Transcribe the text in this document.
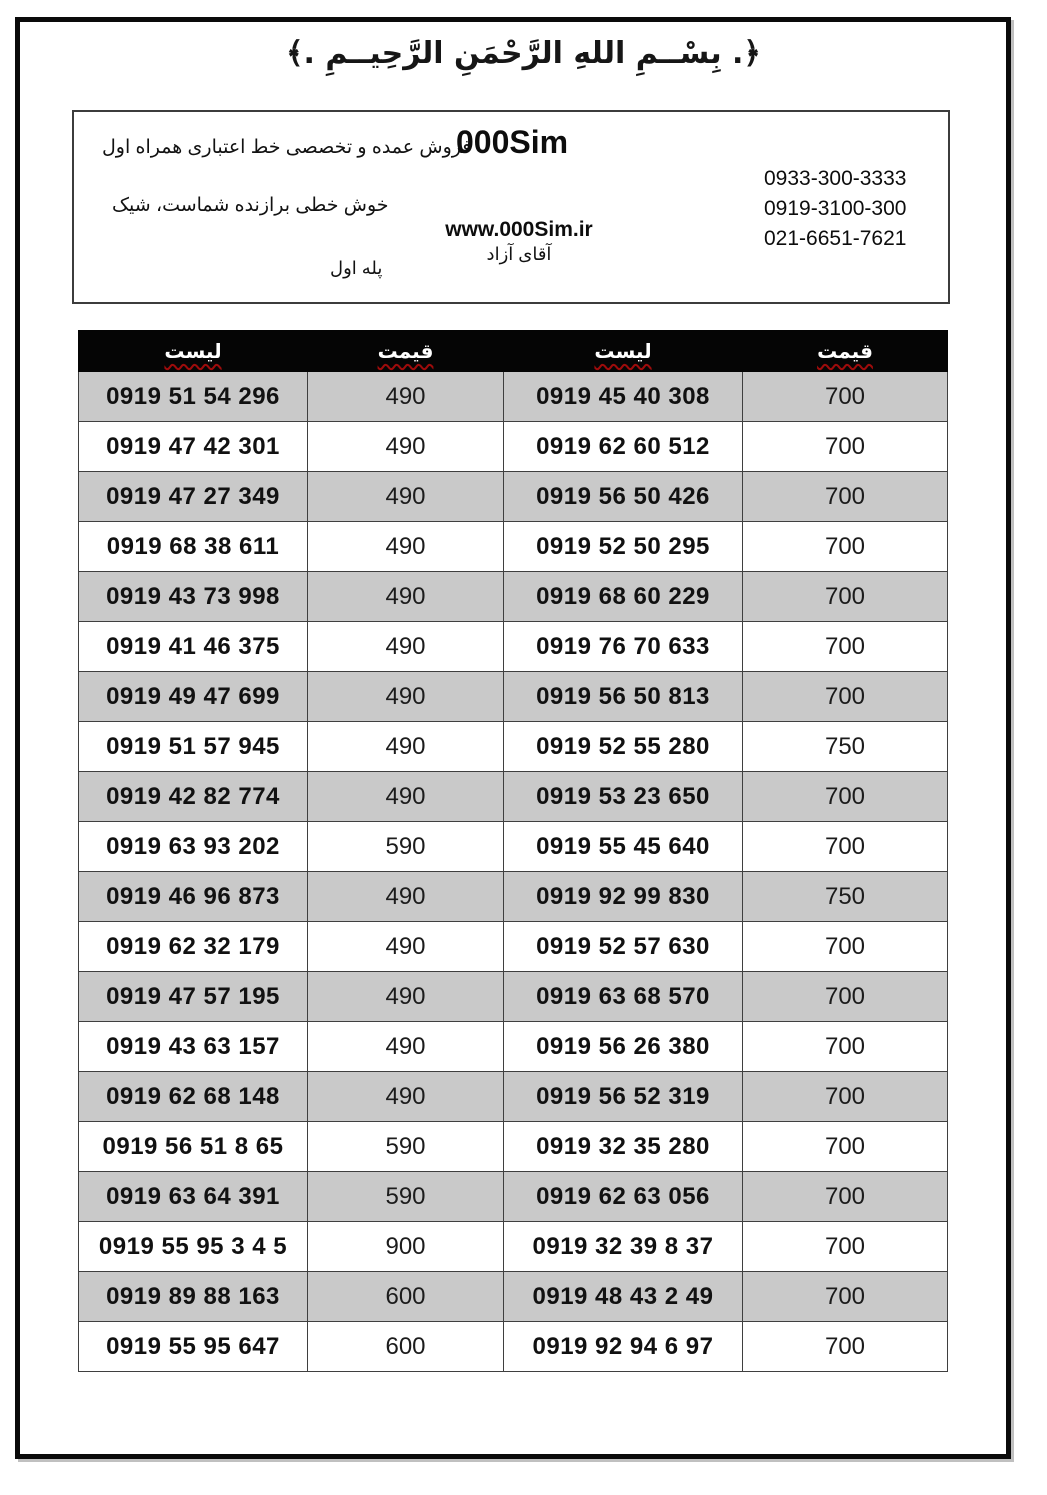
﴿. بِسْــمِ اللهِ الرَّحْمَنِ الرَّحِيــمِ .﴾
فروش عمده و تخصصی خط اعتباری همراه اول
000Sim
خوش خطی برازنده شماست، شیک
0933-300-3333
0919-3100-300
021-6651-7621
www.000Sim.ir
آقای آزاد
پله اول
لیست	قیمت	لیست	قیمت
0919 51 54 296	490	0919 45 40 308	700
0919 47 42 301	490	0919 62 60 512	700
0919 47 27 349	490	0919 56 50 426	700
0919 68 38 611	490	0919 52 50 295	700
0919 43 73 998	490	0919 68 60 229	700
0919 41 46 375	490	0919 76 70 633	700
0919 49 47 699	490	0919 56 50 813	700
0919 51 57 945	490	0919 52 55 280	750
0919 42 82 774	490	0919 53 23 650	700
0919 63 93 202	590	0919 55 45 640	700
0919 46 96 873	490	0919 92 99 830	750
0919 62 32 179	490	0919 52 57 630	700
0919 47 57 195	490	0919 63 68 570	700
0919 43 63 157	490	0919 56 26 380	700
0919 62 68 148	490	0919 56 52 319	700
0919 56 51 8 65	590	0919 32 35 280	700
0919 63 64 391	590	0919 62 63 056	700
0919 55 95 3 4 5	900	0919 32 39 8 37	700
0919 89 88 163	600	0919 48 43 2 49	700
0919 55 95 647	600	0919 92 94 6 97	700
